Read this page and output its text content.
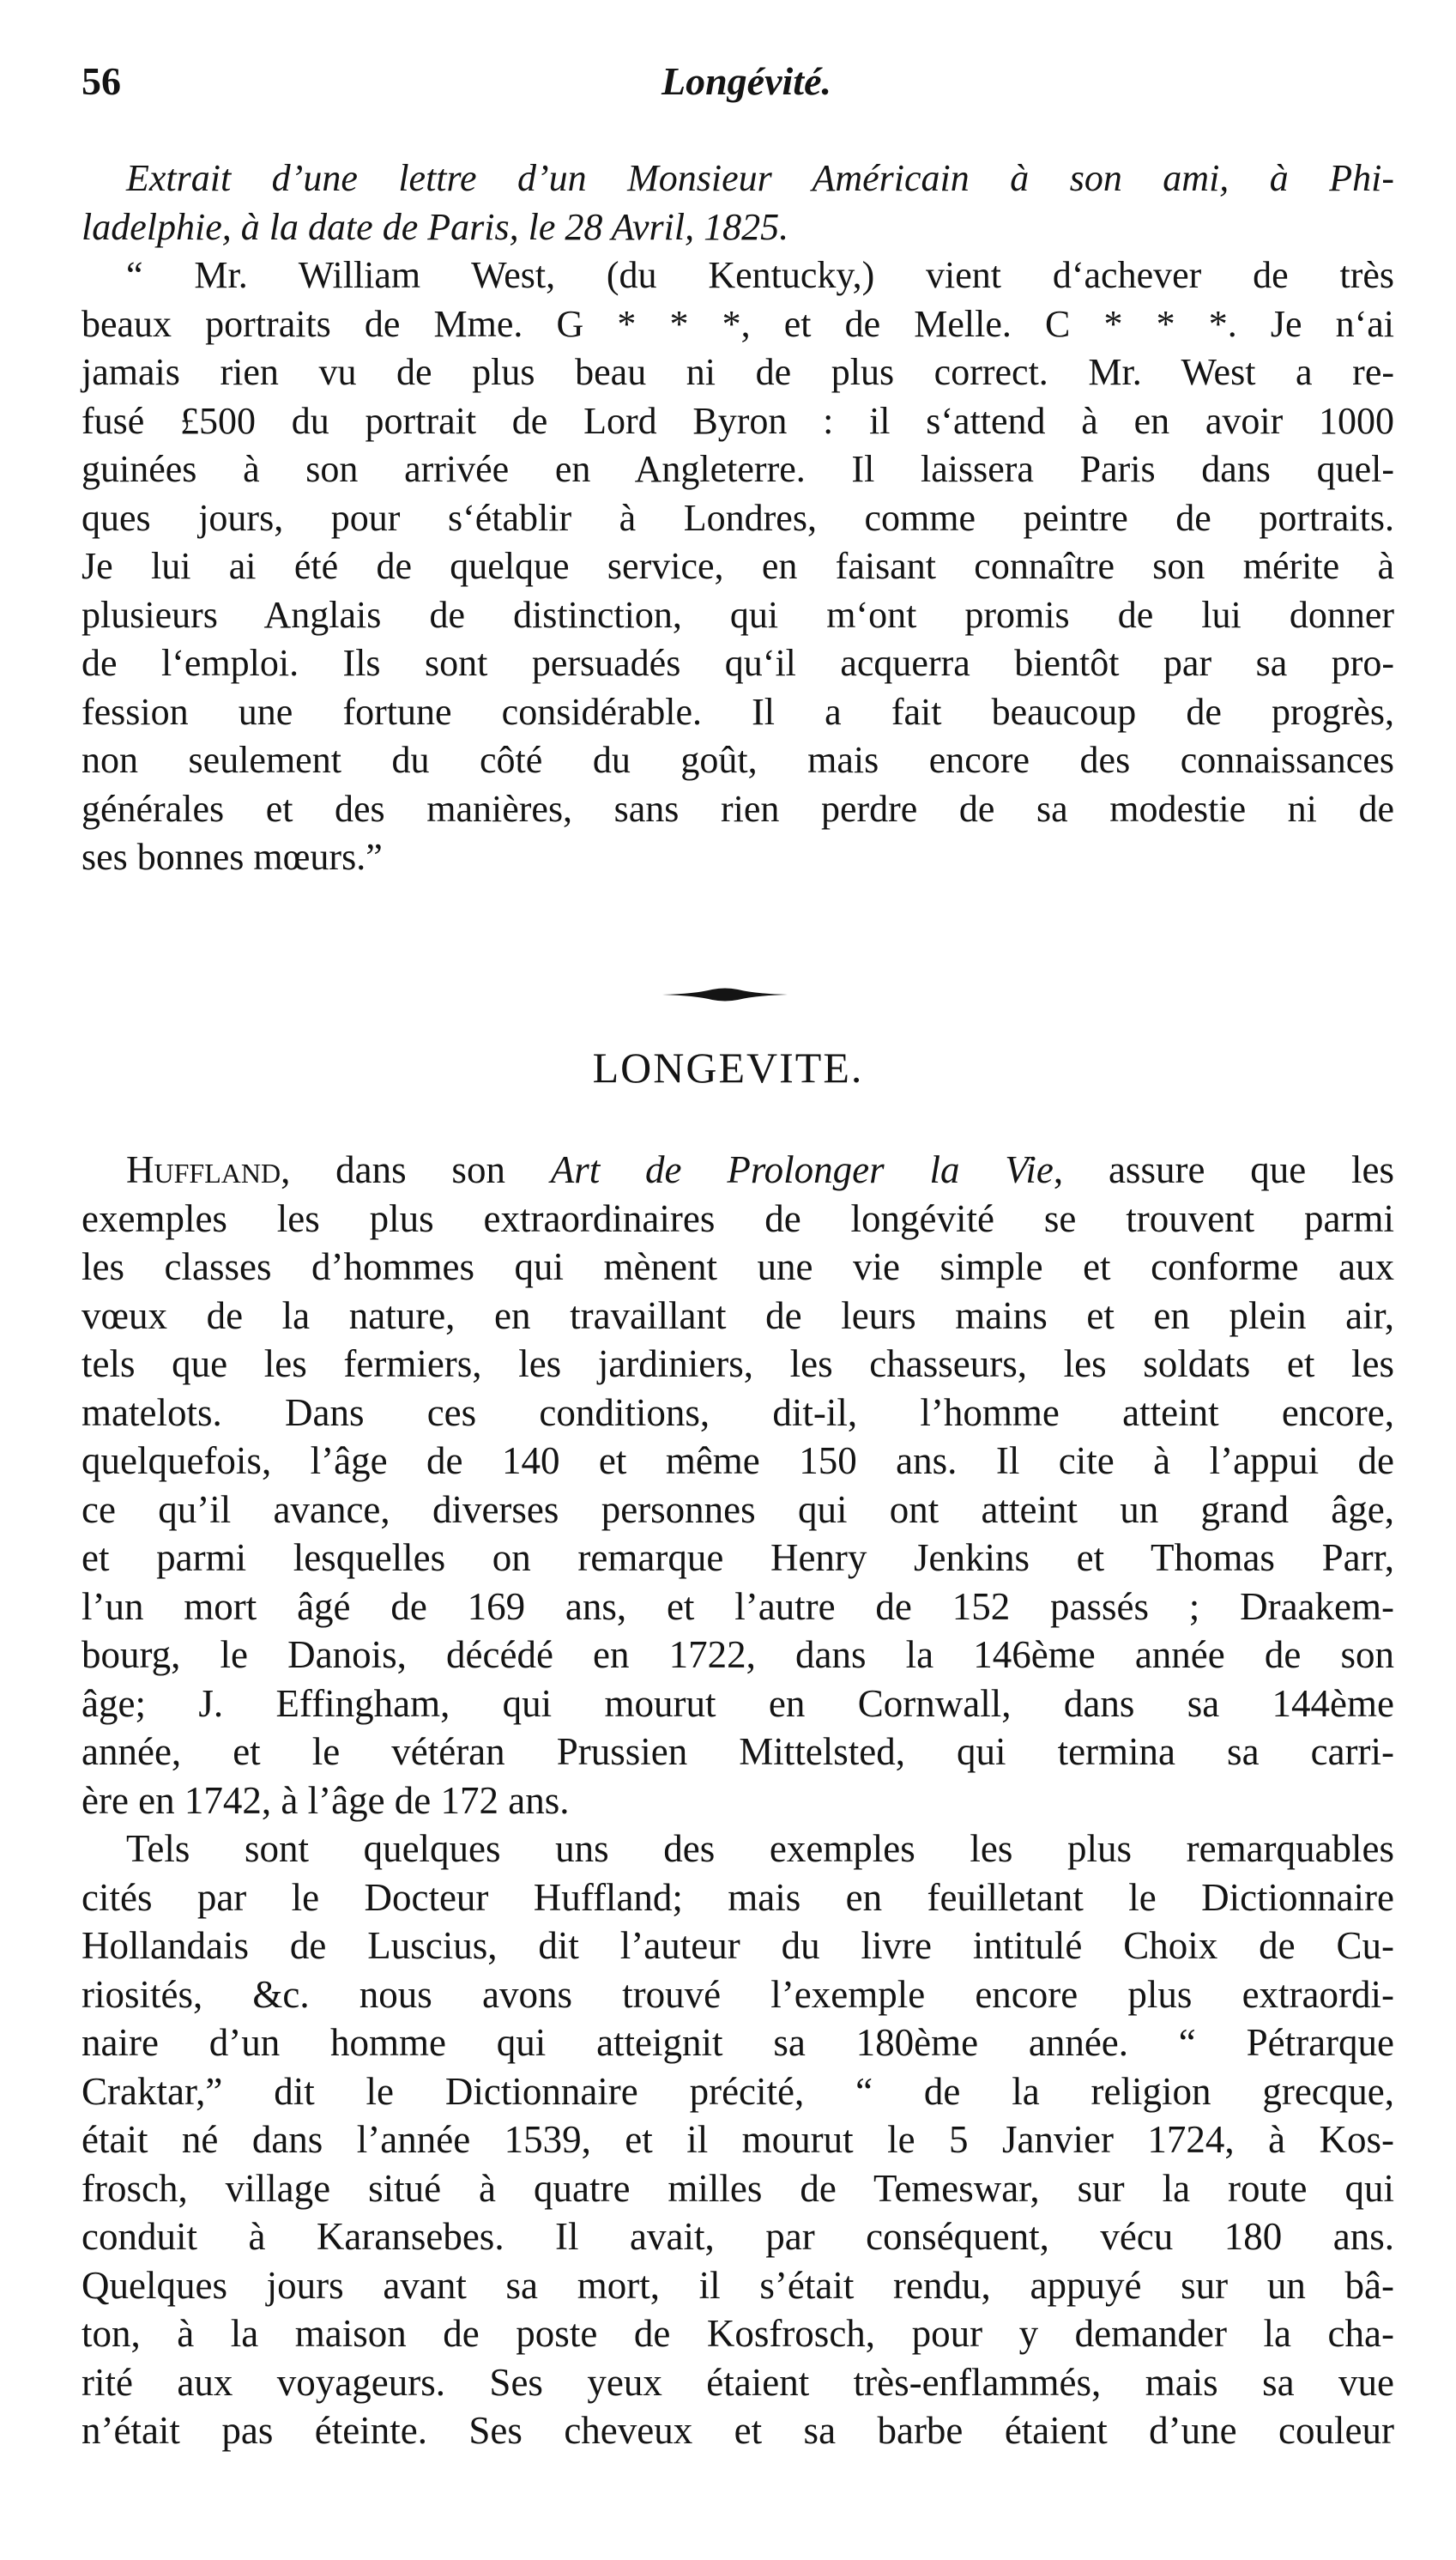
56	Longévité.
Extrait d’une lettre d’un Monsieur Américain à son ami, à Phi-
ladelphie, à la date de Paris, le 28 Avril, 1825.
“ Mr. William West, (du Kentucky,) vient d‘achever de très
beaux portraits de Mme. G * * *, et de Melle. C * * *. Je n‘ai
jamais rien vu de plus beau ni de plus correct. Mr. West a re-
fusé £500 du portrait de Lord Byron : il s‘attend à en avoir 1000
guinées à son arrivée en Angleterre. Il laissera Paris dans quel-
ques jours, pour s‘établir à Londres, comme peintre de portraits.
Je lui ai été de quelque service, en faisant connaître son mérite à
plusieurs Anglais de distinction, qui m‘ont promis de lui donner
de l‘emploi. Ils sont persuadés qu‘il acquerra bientôt par sa pro-
fession une fortune considérable. Il a fait beaucoup de progrès,
non seulement du côté du goût, mais encore des connaissances
générales et des manières, sans rien perdre de sa modestie ni de
ses bonnes mœurs.”
LONGEVITE.
Huffland, dans son Art de Prolonger la Vie, assure que les
exemples les plus extraordinaires de longévité se trouvent parmi
les classes d’hommes qui mènent une vie simple et conforme aux
vœux de la nature, en travaillant de leurs mains et en plein air,
tels que les fermiers, les jardiniers, les chasseurs, les soldats et les
matelots. Dans ces conditions, dit-il, l’homme atteint encore,
quelquefois, l’âge de 140 et même 150 ans. Il cite à l’appui de
ce qu’il avance, diverses personnes qui ont atteint un grand âge,
et parmi lesquelles on remarque Henry Jenkins et Thomas Parr,
l’un mort âgé de 169 ans, et l’autre de 152 passés ; Draakem-
bourg, le Danois, décédé en 1722, dans la 146ème année de son
âge; J. Effingham, qui mourut en Cornwall, dans sa 144ème
année, et le vétéran Prussien Mittelsted, qui termina sa carri-
ère en 1742, à l’âge de 172 ans.
Tels sont quelques uns des exemples les plus remarquables
cités par le Docteur Huffland; mais en feuilletant le Dictionnaire
Hollandais de Luscius, dit l’auteur du livre intitulé Choix de Cu-
riosités, &c. nous avons trouvé l’exemple encore plus extraordi-
naire d’un homme qui atteignit sa 180ème année. “ Pétrarque
Craktar,” dit le Dictionnaire précité, “ de la religion grecque,
était né dans l’année 1539, et il mourut le 5 Janvier 1724, à Kos-
frosch, village situé à quatre milles de Temeswar, sur la route qui
conduit à Karansebes. Il avait, par conséquent, vécu 180 ans.
Quelques jours avant sa mort, il s’était rendu, appuyé sur un bâ-
ton, à la maison de poste de Kosfrosch, pour y demander la cha-
rité aux voyageurs. Ses yeux étaient très-enflammés, mais sa vue
n’était pas éteinte. Ses cheveux et sa barbe étaient d’une couleur
